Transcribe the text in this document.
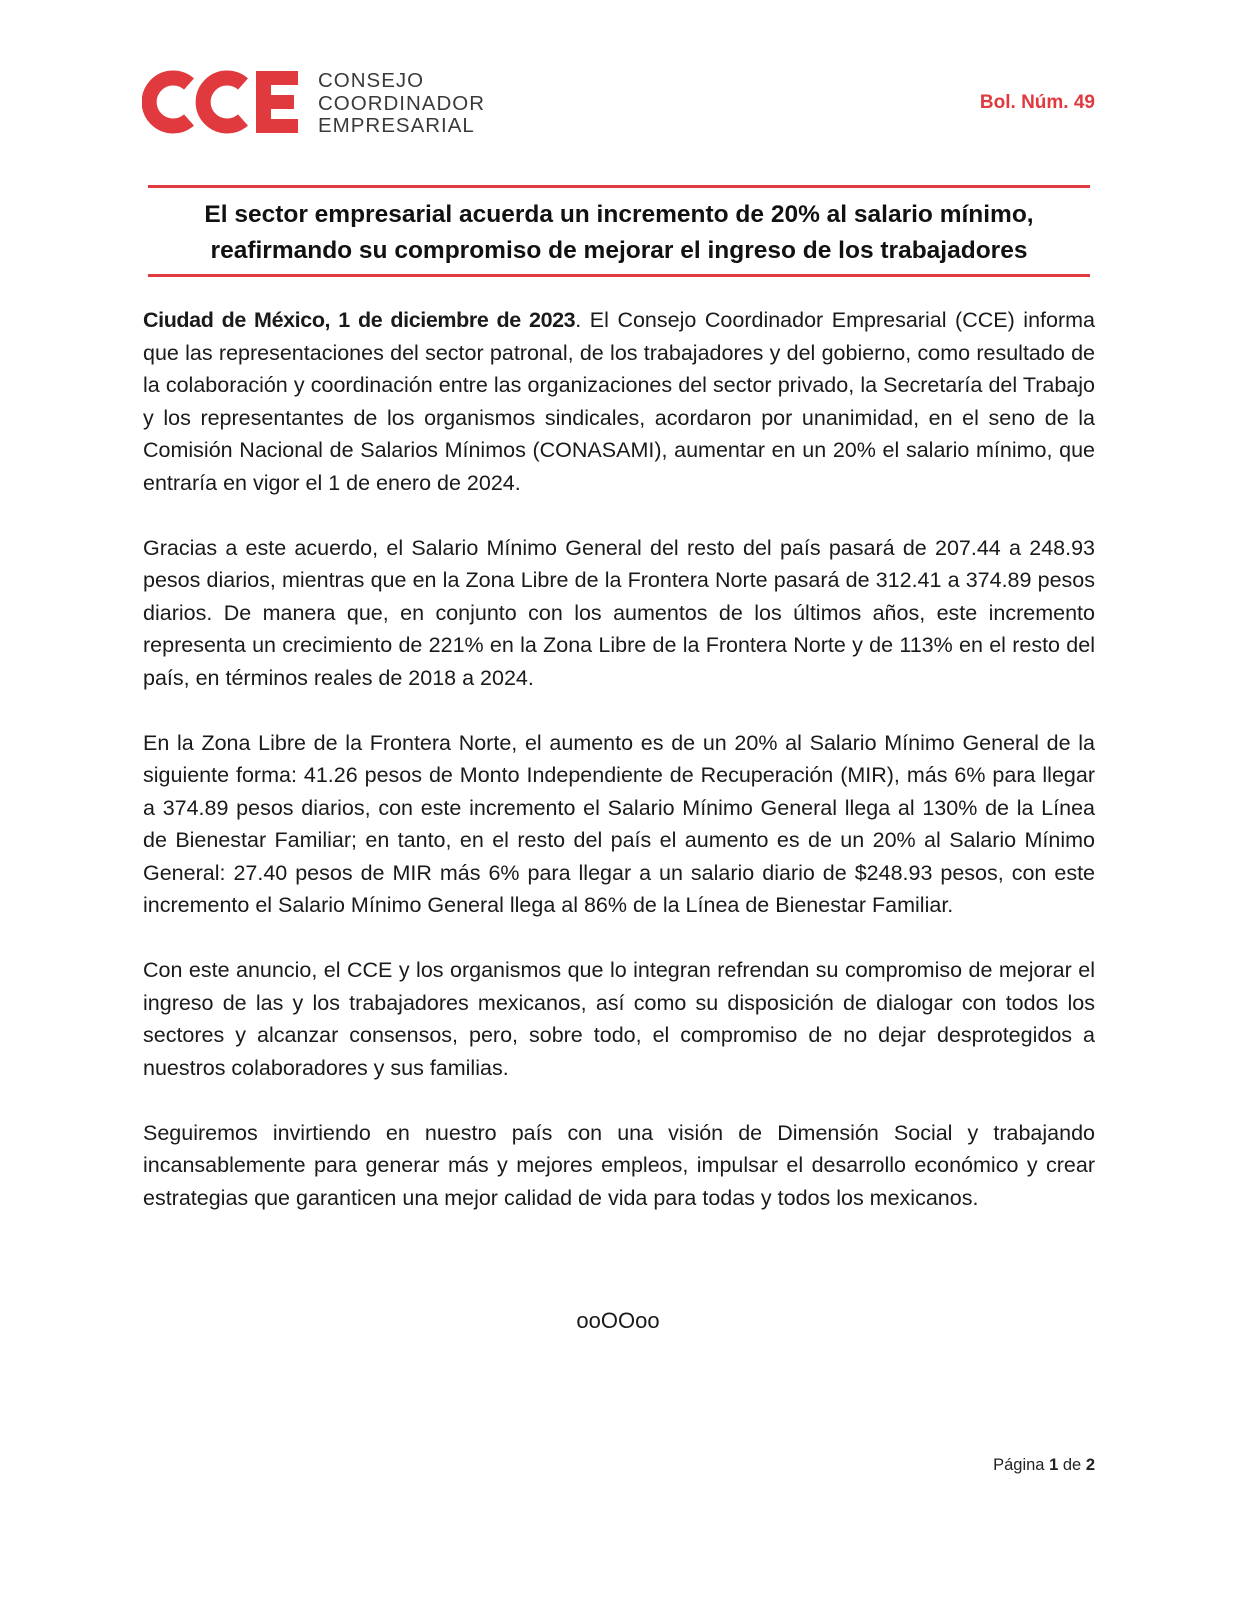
CONSEJO
COORDINADOR
EMPRESARIAL
Bol. Núm. 49
El sector empresarial acuerda un incremento de 20% al salario mínimo,
reafirmando su compromiso de mejorar el ingreso de los trabajadores

Ciudad de México, 1 de diciembre de 2023. El Consejo Coordinador Empresarial (CCE) informa que las representaciones del sector patronal, de los trabajadores y del gobierno, como resultado de la colaboración y coordinación entre las organizaciones del sector privado, la Secretaría del Trabajo y los representantes de los organismos sindicales, acordaron por unanimidad, en el seno de la Comisión Nacional de Salarios Mínimos (CONASAMI), aumentar en un 20% el salario mínimo, que entraría en vigor el 1 de enero de 2024.

Gracias a este acuerdo, el Salario Mínimo General del resto del país pasará de 207.44 a 248.93 pesos diarios, mientras que en la Zona Libre de la Frontera Norte pasará de 312.41 a 374.89 pesos diarios. De manera que, en conjunto con los aumentos de los últimos años, este incremento representa un crecimiento de 221% en la Zona Libre de la Frontera Norte y de 113% en el resto del país, en términos reales de 2018 a 2024.

En la Zona Libre de la Frontera Norte, el aumento es de un 20% al Salario Mínimo General de la siguiente forma: 41.26 pesos de Monto Independiente de Recuperación (MIR), más 6% para llegar a 374.89 pesos diarios, con este incremento el Salario Mínimo General llega al 130% de la Línea de Bienestar Familiar; en tanto, en el resto del país el aumento es de un 20% al Salario Mínimo General: 27.40 pesos de MIR más 6% para llegar a un salario diario de $248.93 pesos, con este incremento el Salario Mínimo General llega al 86% de la Línea de Bienestar Familiar.

Con este anuncio, el CCE y los organismos que lo integran refrendan su compromiso de mejorar el ingreso de las y los trabajadores mexicanos, así como su disposición de dialogar con todos los sectores y alcanzar consensos, pero, sobre todo, el compromiso de no dejar desprotegidos a nuestros colaboradores y sus familias.

Seguiremos invirtiendo en nuestro país con una visión de Dimensión Social y trabajando incansablemente para generar más y mejores empleos, impulsar el desarrollo económico y crear estrategias que garanticen una mejor calidad de vida para todas y todos los mexicanos.

ooOOoo
Página 1 de 2
